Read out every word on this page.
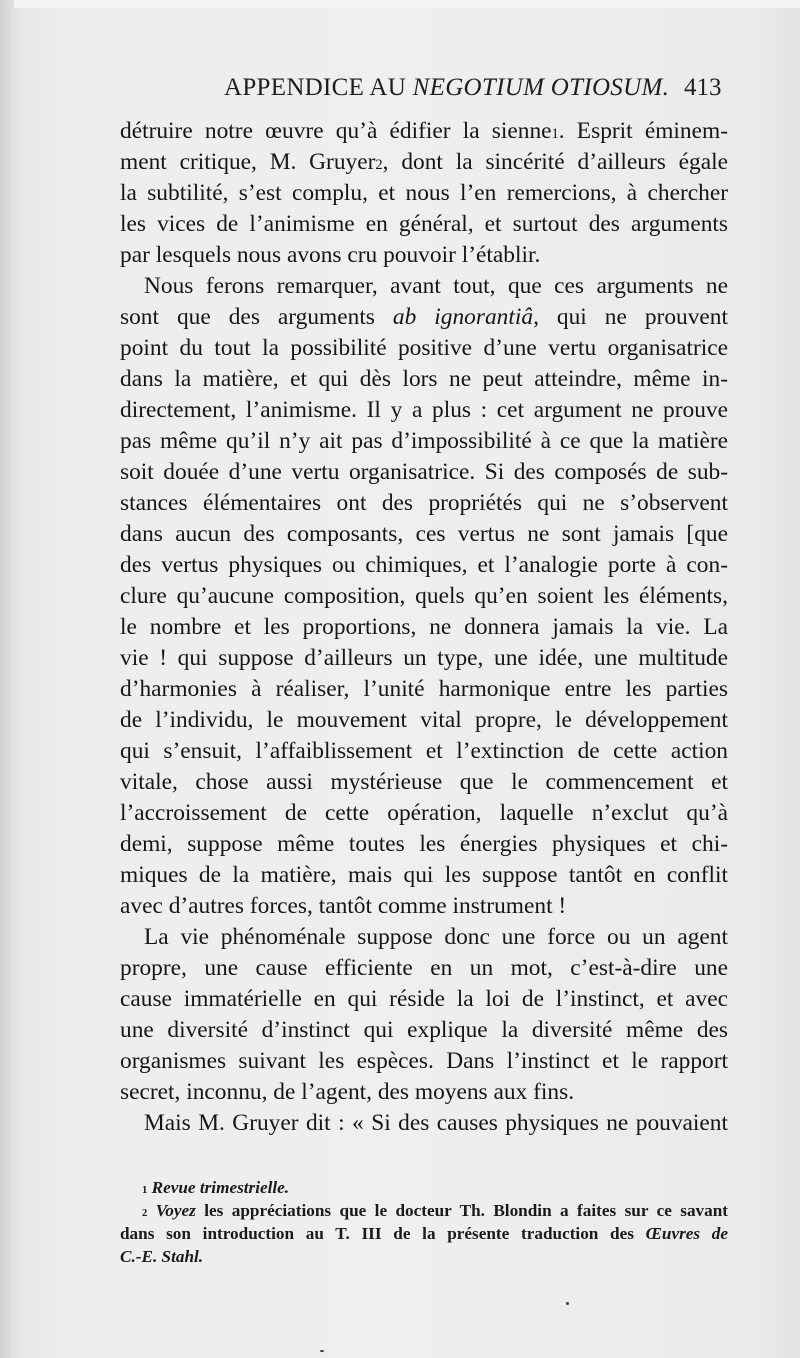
APPENDICE AU NEGOTIUM OTIOSUM. 413
détruire notre œuvre qu’à édifier la sienne$^1$. Esprit éminem-
ment critique, M. Gruyer$^2$, dont la sincérité d’ailleurs égale
la subtilité, s’est complu, et nous l’en remercions, à chercher
les vices de l’animisme en général, et surtout des arguments
par lesquels nous avons cru pouvoir l’établir.
Nous ferons remarquer, avant tout, que ces arguments ne
sont que des arguments ab ignorantiâ, qui ne prouvent
point du tout la possibilité positive d’une vertu organisatrice
dans la matière, et qui dès lors ne peut atteindre, même in-
directement, l’animisme. Il y a plus : cet argument ne prouve
pas même qu’il n’y ait pas d’impossibilité à ce que la matière
soit douée d’une vertu organisatrice. Si des composés de sub-
stances élémentaires ont des propriétés qui ne s’observent
dans aucun des composants, ces vertus ne sont jamais [que
des vertus physiques ou chimiques, et l’analogie porte à con-
clure qu’aucune composition, quels qu’en soient les éléments,
le nombre et les proportions, ne donnera jamais la vie. La
vie ! qui suppose d’ailleurs un type, une idée, une multitude
d’harmonies à réaliser, l’unité harmonique entre les parties
de l’individu, le mouvement vital propre, le développement
qui s’ensuit, l’affaiblissement et l’extinction de cette action
vitale, chose aussi mystérieuse que le commencement et
l’accroissement de cette opération, laquelle n’exclut qu’à
demi, suppose même toutes les énergies physiques et chi-
miques de la matière, mais qui les suppose tantôt en conflit
avec d’autres forces, tantôt comme instrument !
La vie phénoménale suppose donc une force ou un agent
propre, une cause efficiente en un mot, c’est-à-dire une
cause immatérielle en qui réside la loi de l’instinct, et avec
une diversité d’instinct qui explique la diversité même des
organismes suivant les espèces. Dans l’instinct et le rapport
secret, inconnu, de l’agent, des moyens aux fins.
Mais M. Gruyer dit : « Si des causes physiques ne pouvaient
$^1$ Revue trimestrielle.
$^2$ Voyez les appréciations que le docteur Th. Blondin a faites sur ce savant
dans son introduction au T. III de la présente traduction des Œuvres de
C.-E. Stahl.
